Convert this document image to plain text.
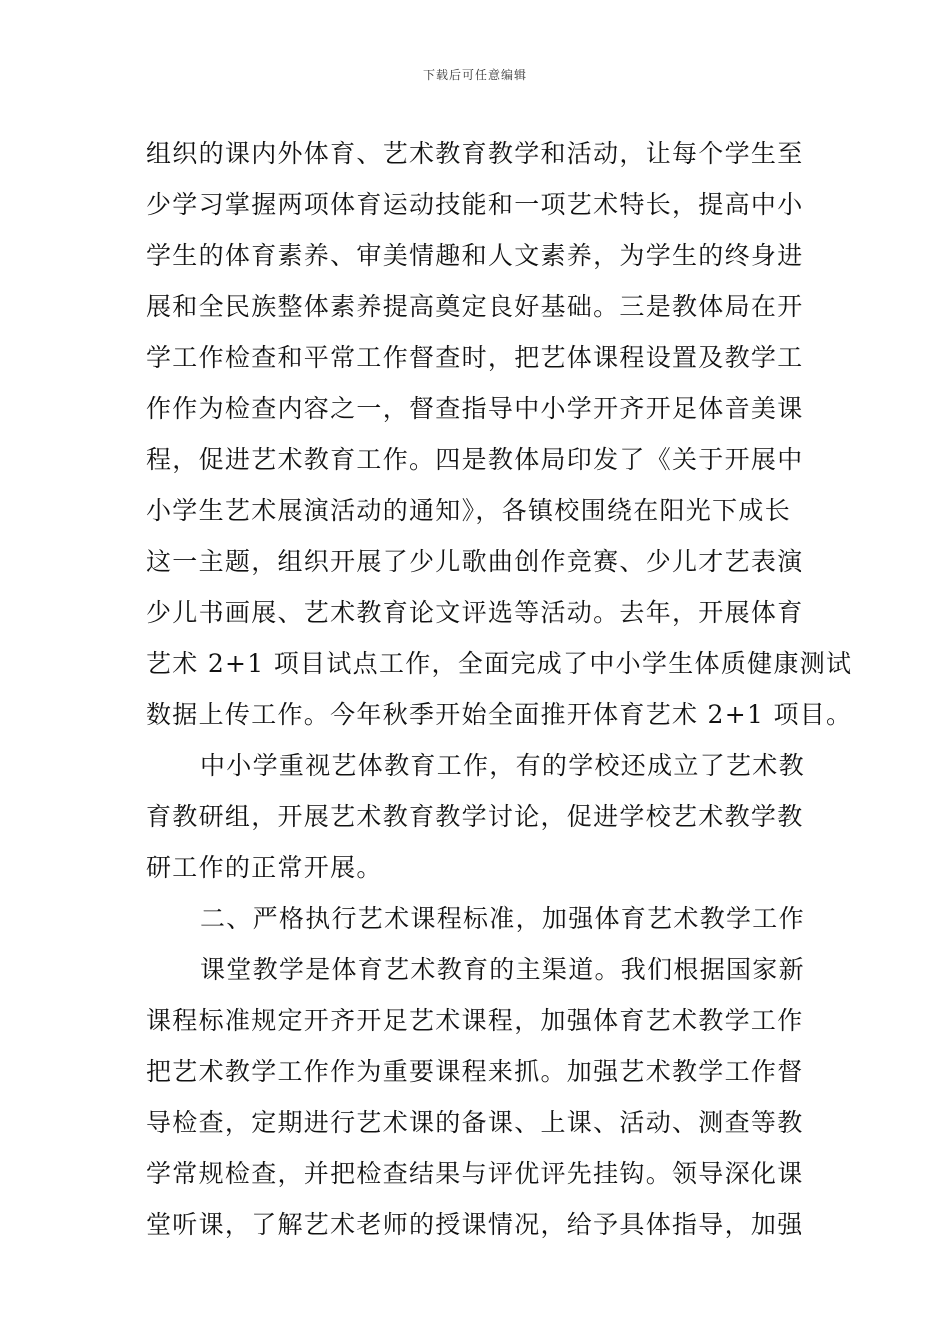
下载后可任意编辑
组织的课内外体育、艺术教育教学和活动，让每个学生至
少学习掌握两项体育运动技能和一项艺术特长，提高中小
学生的体育素养、审美情趣和人文素养，为学生的终身进
展和全民族整体素养提高奠定良好基础。三是教体局在开
学工作检查和平常工作督查时，把艺体课程设置及教学工
作作为检查内容之一，督查指导中小学开齐开足体音美课
程，促进艺术教育工作。四是教体局印发了《关于开展中
小学生艺术展演活动的通知》，各镇校围绕在阳光下成长
这一主题，组织开展了少儿歌曲创作竞赛、少儿才艺表演
少儿书画展、艺术教育论文评选等活动。去年，开展体育
艺术 2+1 项目试点工作，全面完成了中小学生体质健康测试
数据上传工作。今年秋季开始全面推开体育艺术 2+1 项目。
中小学重视艺体教育工作，有的学校还成立了艺术教
育教研组，开展艺术教育教学讨论，促进学校艺术教学教
研工作的正常开展。
二、严格执行艺术课程标准，加强体育艺术教学工作
课堂教学是体育艺术教育的主渠道。我们根据国家新
课程标准规定开齐开足艺术课程，加强体育艺术教学工作
把艺术教学工作作为重要课程来抓。加强艺术教学工作督
导检查，定期进行艺术课的备课、上课、活动、测查等教
学常规检查，并把检查结果与评优评先挂钩。领导深化课
堂听课，了解艺术老师的授课情况，给予具体指导，加强
